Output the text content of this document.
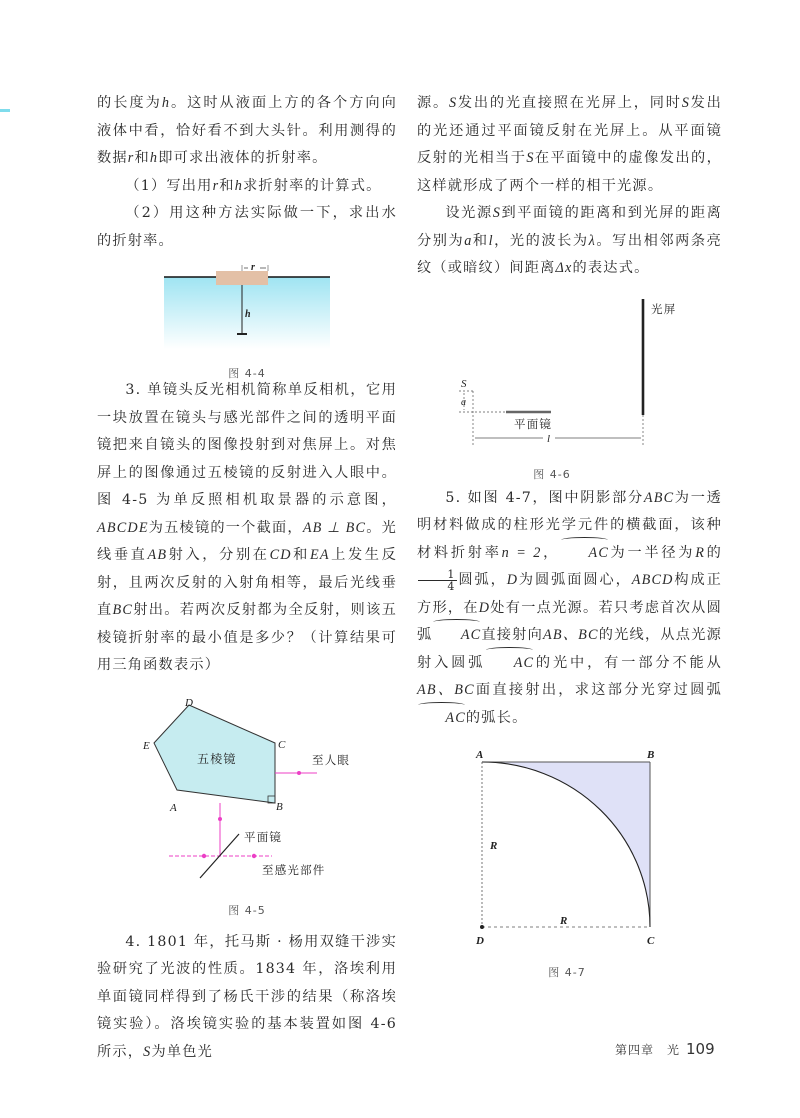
的长度为h。这时从液面上方的各个方向向液体中看，恰好看不到大头针。利用测得的数据r和h即可求出液体的折射率。

（1）写出用r和h求折射率的计算式。

（2）用这种方法实际做一下，求出水的折射率。

r
h
图 4-4

3. 单镜头反光相机简称单反相机，它用一块放置在镜头与感光部件之间的透明平面镜把来自镜头的图像投射到对焦屏上。对焦屏上的图像通过五棱镜的反射进入人眼中。图 4-5 为单反照相机取景器的示意图，ABCDE为五棱镜的一个截面，AB ⊥ BC。光线垂直AB射入，分别在CD和EA上发生反射，且两次反射的入射角相等，最后光线垂直BC射出。若两次反射都为全反射，则该五棱镜折射率的最小值是多少？（计算结果可用三角函数表示）

D
E	C
A	B
五棱镜	至人眼
平面镜
至感光部件
图 4-5

4. 1801 年，托马斯 · 杨用双缝干涉实验研究了光波的性质。1834 年，洛埃利用单面镜同样得到了杨氏干涉的结果（称洛埃镜实验）。洛埃镜实验的基本装置如图 4-6 所示，S为单色光

源。S发出的光直接照在光屏上，同时S发出的光还通过平面镜反射在光屏上。从平面镜反射的光相当于S在平面镜中的虚像发出的，这样就形成了两个一样的相干光源。

设光源S到平面镜的距离和到光屏的距离分别为a和l，光的波长为λ。写出相邻两条亮纹（或暗纹）间距离Δx的表达式。

光屏
平面镜
S
a
l
图 4-6

5. 如图 4-7，图中阴影部分ABC为一透明材料做成的柱形光学元件的横截面，该种材料折射率n = 2， AC为一半径为R的
$\frac{1}{4}$ 圆弧，D为圆弧面圆心，ABCD构成正方形，在D处有一点光源。若只考虑首次从圆弧 AC直接射向AB、BC的光线，从点光源射入圆弧 AC的光中，有一部分不能从AB、BC面直接射出，求这部分光穿过圆弧AC的弧长。

A	B
C
D
R
R
图 4-7
第四章　光 109
